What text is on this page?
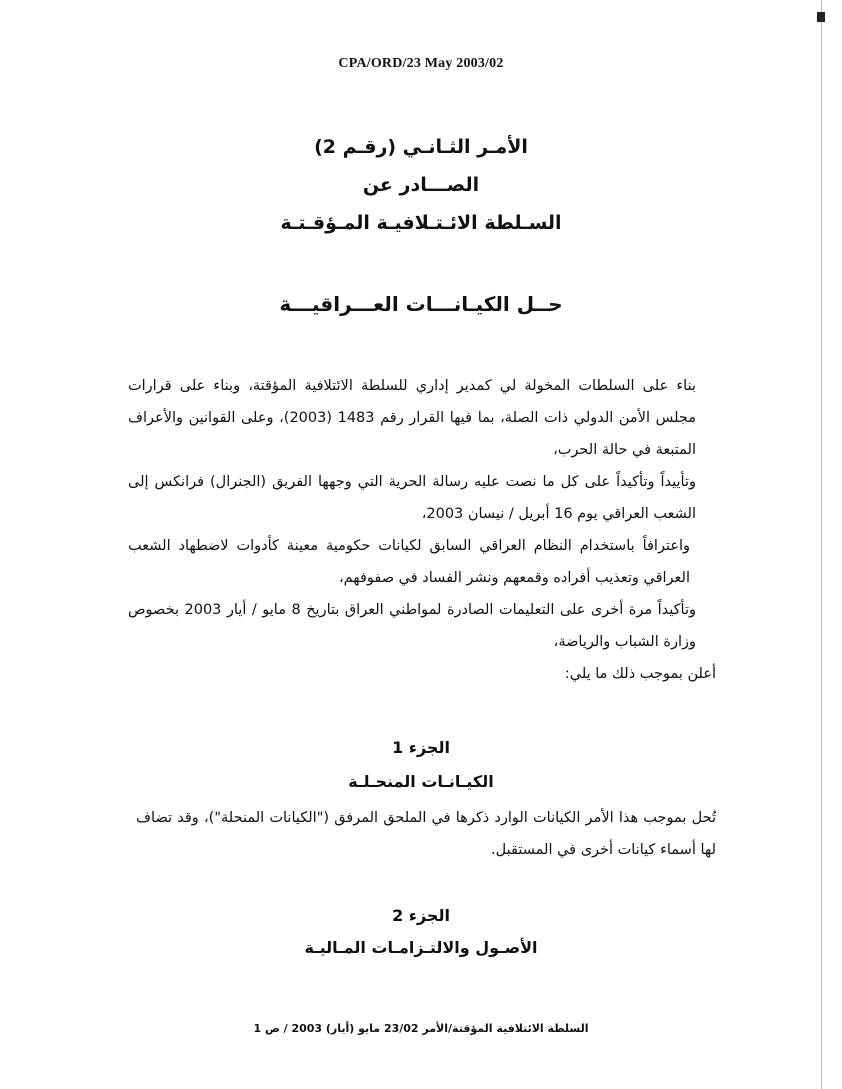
CPA/ORD/23 May 2003/02
الأمـر الثـانـي (رقـم 2)
الصـــادر عن
السـلطة الائـتـلافيـة المـؤقـتـة
حــل الكيـانـــات العـــراقيـــة

بناء على السلطات المخولة لي كمدير إداري للسلطة الائتلافية المؤقتة، وبناء على قرارات مجلس الأمن الدولي ذات الصلة، بما فيها القرار رقم 1483 (2003)، وعلى القوانين والأعراف المتبعة في حالة الحرب،

وتأييداً وتأكيداً على كل ما نصت عليه رسالة الحرية التي وجهها الفريق (الجنرال) فرانكس إلى الشعب العراقي يوم 16 أبريل / نيسان 2003،

واعترافاً باستخدام النظام العراقي السابق لكيانات حكومية معينة كأدوات لاضطهاد الشعب العراقي وتعذيب أفراده وقمعهم ونشر الفساد في صفوفهم،

وتأكيداً مرة أخرى على التعليمات الصادرة لمواطني العراق بتاريخ 8 مايو / أيار 2003 بخصوص وزارة الشباب والرياضة،

أعلن بموجب ذلك ما يلي:

الجزء 1
الكيـانـات المنحـلـة

تُحل بموجب هذا الأمر الكيانات الوارد ذكرها في الملحق المرفق ("الكيانات المنحلة")، وقد تضاف لها أسماء كيانات أخرى في المستقبل.

الجزء 2
الأصـول والالتـزامـات المـاليـة
السلطة الائتلافية المؤقتة/الأمر 23/02 مايو (أيار) 2003 / ص 1
